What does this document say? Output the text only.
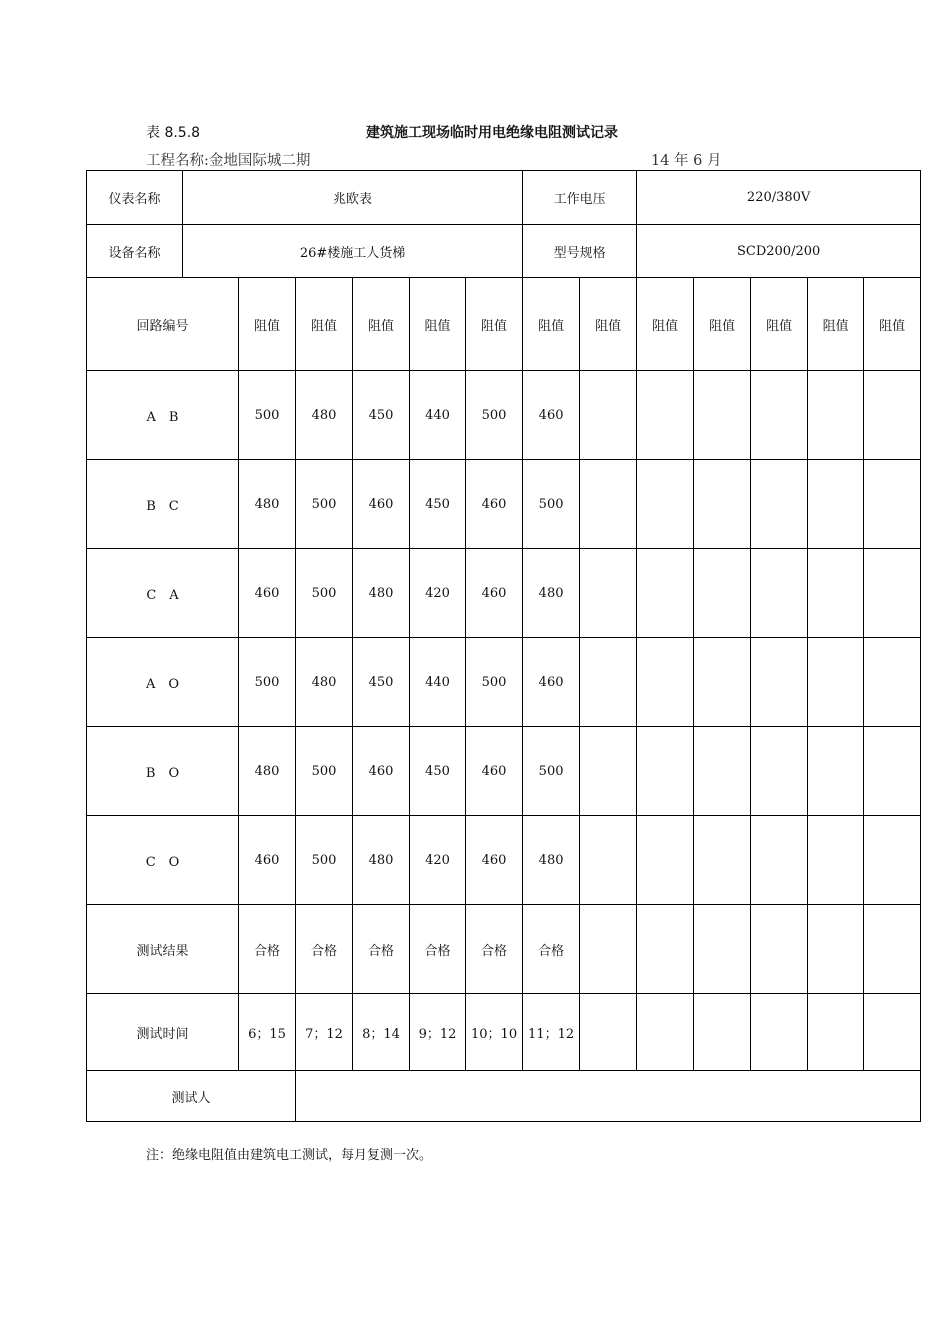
表 8.5.8	建筑施工现场临时用电绝缘电阻测试记录
工程名称:金地国际城二期	14 年 6 月
仪表名称	兆欧表						工作电压		220/380V				
设备名称	26#楼施工人货梯						型号规格		SCD200/200				
回路编号		阻值	阻值	阻值	阻值	阻值	阻值	阻值	阻值	阻值	阻值	阻值	阻值
A　B		500	480	450	440	500	460						
B　C		480	500	460	450	460	500						
C　A		460	500	480	420	460	480						
A　O		500	480	450	440	500	460						
B　O		480	500	460	450	460	500						
C　O		460	500	480	420	460	480						
测试结果		合格	合格	合格	合格	合格	合格						
测试时间		6；15	7；12	8；14	9；12	10；10	11；12						
测试人													
注：绝缘电阻值由建筑电工测试，每月复测一次。
